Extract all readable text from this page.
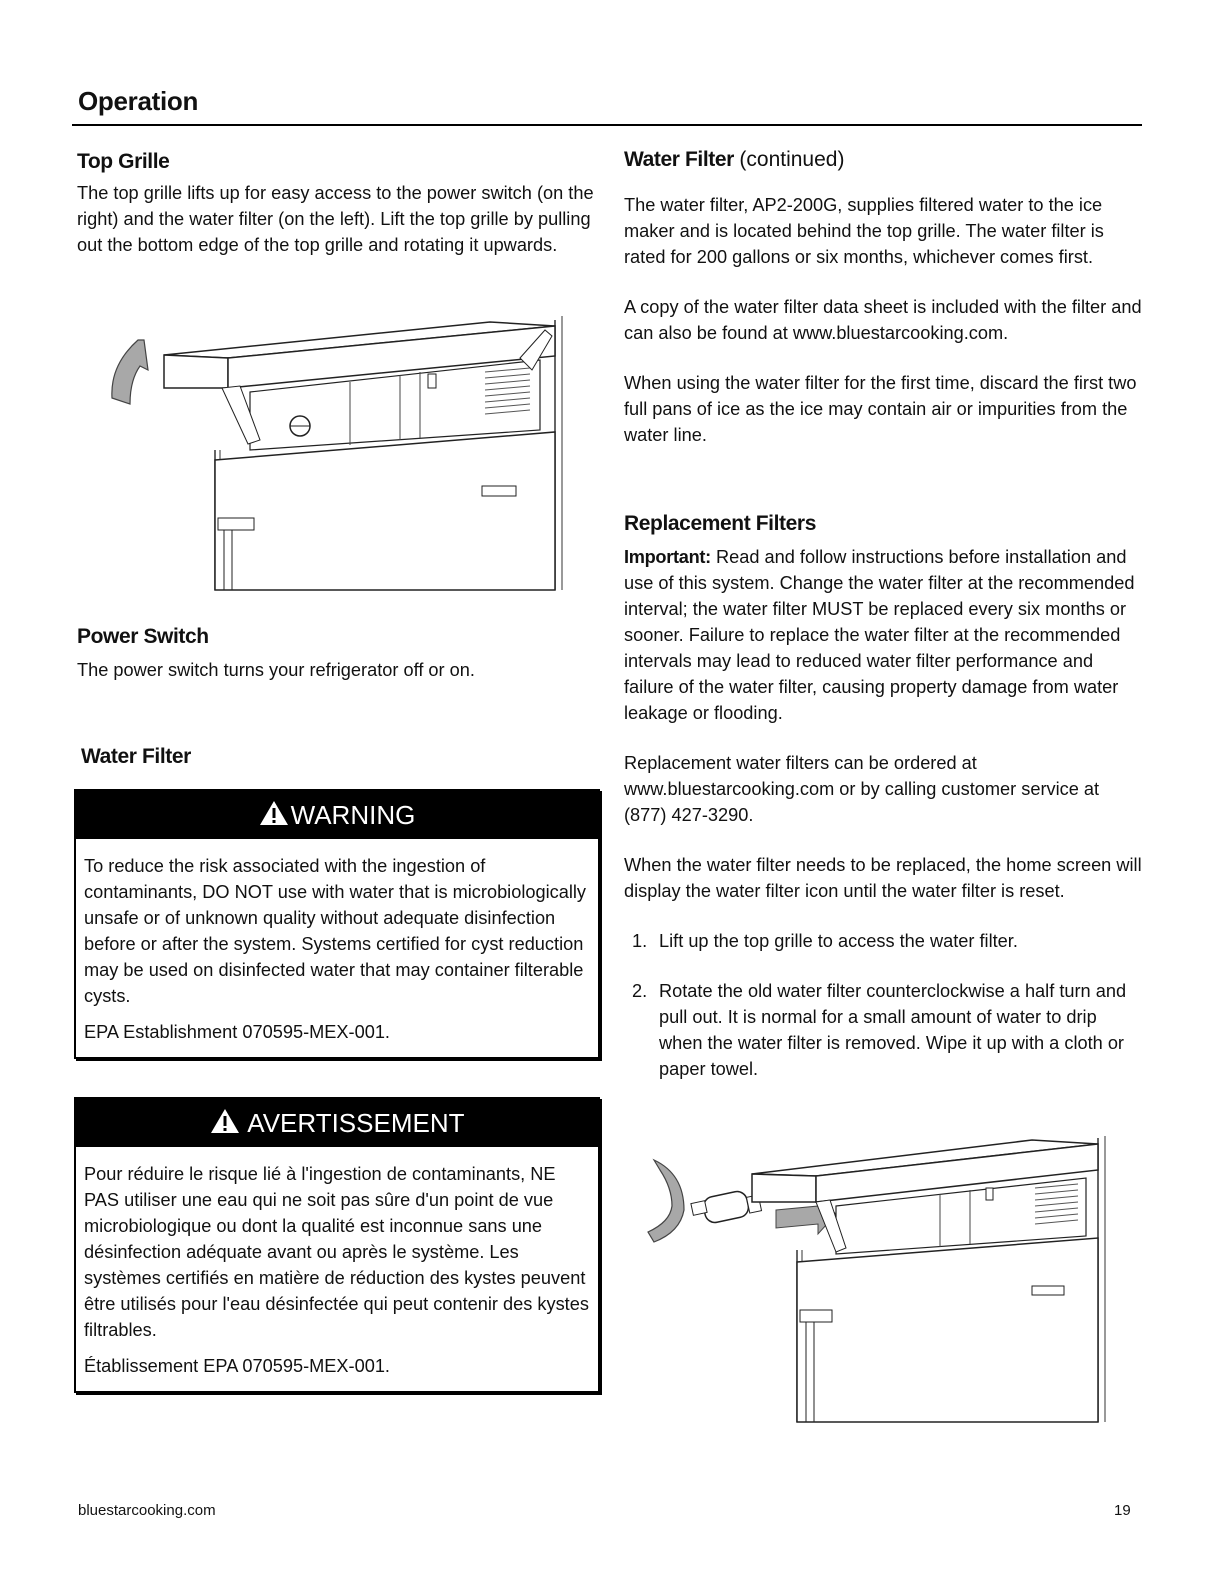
Operation
Top Grille

The top grille lifts up for easy access to the power switch (on the right) and the water filter (on the left). Lift the top grille by pulling out the bottom edge of the top grille and rotating it upwards.

Power Switch

The power switch turns your refrigerator off or on.

Water Filter
WARNING

To reduce the risk associated with the ingestion of contaminants, DO NOT use with water that is microbiologically unsafe or of unknown quality without adequate disinfection before or after the system. Systems certified for cyst reduction may be used on disinfected water that may container filterable cysts.

EPA Establishment 070595-MEX-001.

AVERTISSEMENT

Pour réduire le risque lié à l'ingestion de contaminants, NE PAS utiliser une eau qui ne soit pas sûre d'un point de vue microbiologique ou dont la qualité est inconnue sans une désinfection adéquate avant ou après le système. Les systèmes certifiés en matière de réduction des kystes peuvent être utilisés pour l'eau désinfectée qui peut contenir des kystes filtrables.

Établissement EPA 070595-MEX-001.

Water Filter (continued)

The water filter, AP2-200G, supplies filtered water to the ice maker and is located behind the top grille. The water filter is rated for 200 gallons or six months, whichever comes first.

A copy of the water filter data sheet is included with the filter and can also be found at www.bluestarcooking.com.

When using the water filter for the first time, discard the first two full pans of ice as the ice may contain air or impurities from the water line.

Replacement Filters

Important: Read and follow instructions before installation and use of this system. Change the water filter at the recommended interval; the water filter MUST be replaced every six months or sooner. Failure to replace the water filter at the recommended intervals may lead to reduced water filter performance and failure of the water filter, causing property damage from water leakage or flooding.

Replacement water filters can be ordered at www.bluestarcooking.com or by calling customer service at (877) 427-3290.

When the water filter needs to be replaced, the home screen will display the water filter icon until the water filter is reset.

1. Lift up the top grille to access the water filter.
2. Rotate the old water filter counterclockwise a half turn and pull out. It is normal for a small amount of water to drip when the water filter is removed. Wipe it up with a cloth or paper towel.
bluestarcooking.com	19
